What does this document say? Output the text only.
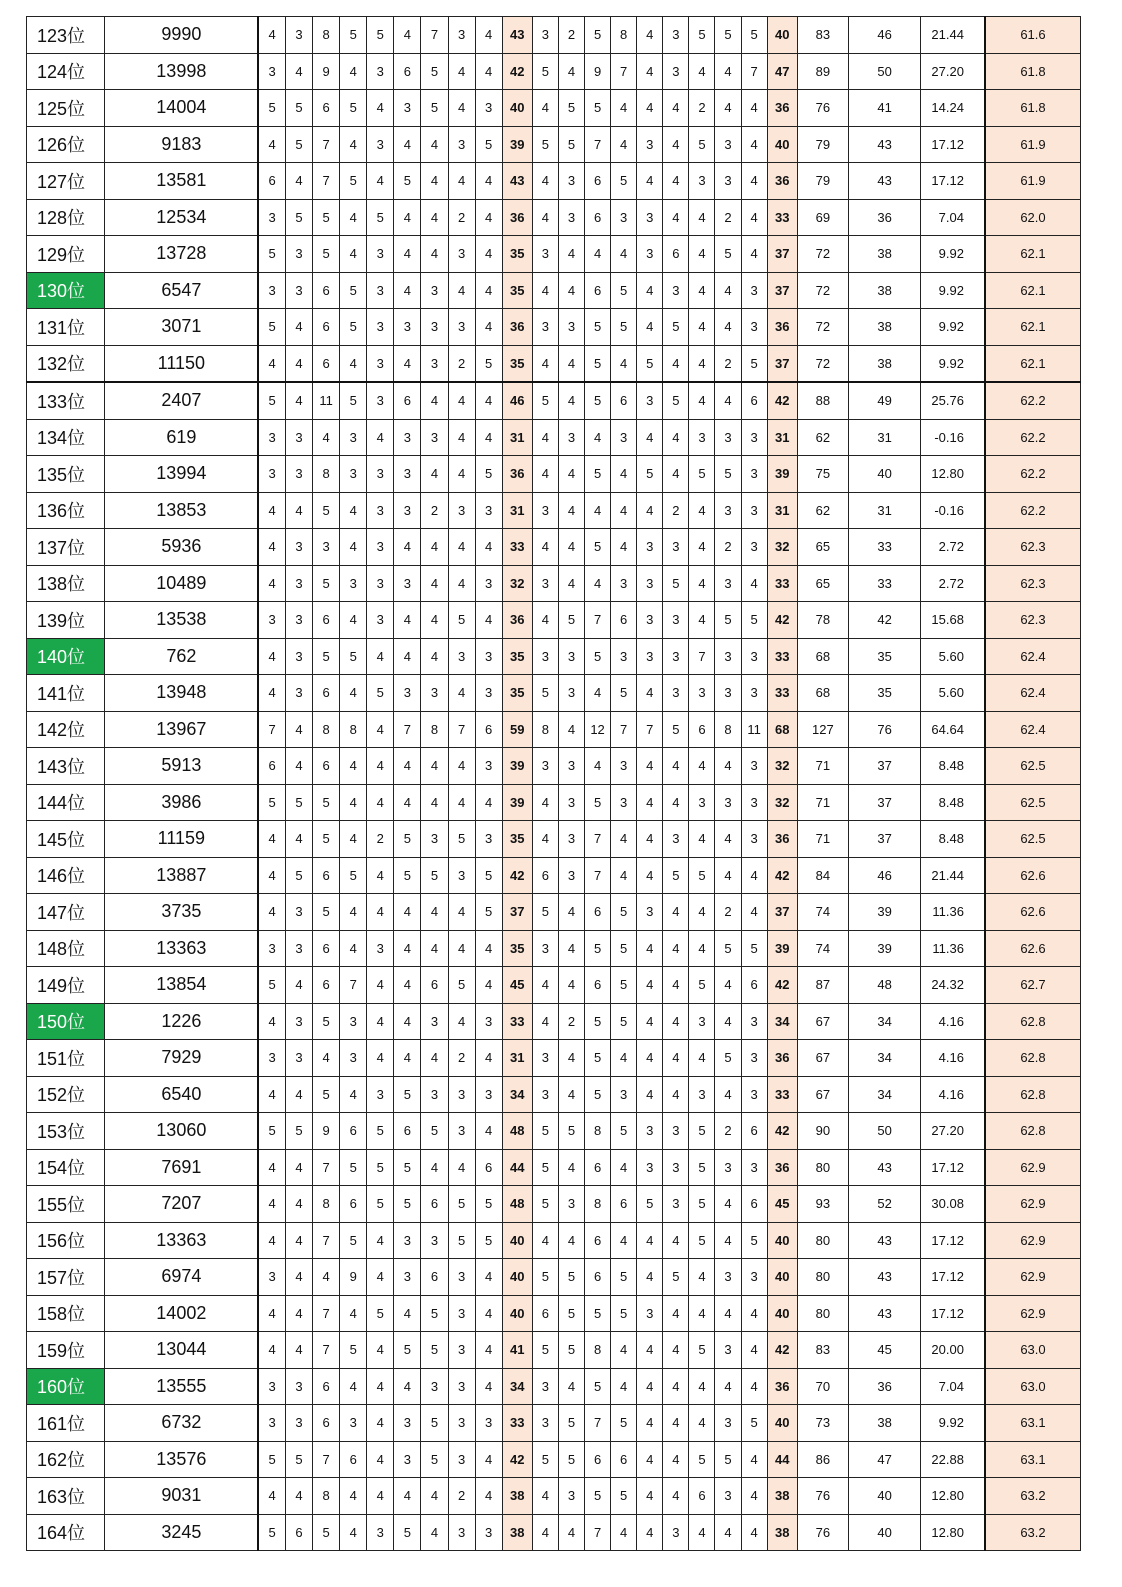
123位	9990	4	3	8	5	5	4	7	3	4	43	3	2	5	8	4	3	5	5	5	40	83	46	21.44	61.6
124位	13998	3	4	9	4	3	6	5	4	4	42	5	4	9	7	4	3	4	4	7	47	89	50	27.20	61.8
125位	14004	5	5	6	5	4	3	5	4	3	40	4	5	5	4	4	4	2	4	4	36	76	41	14.24	61.8
126位	9183	4	5	7	4	3	4	4	3	5	39	5	5	7	4	3	4	5	3	4	40	79	43	17.12	61.9
127位	13581	6	4	7	5	4	5	4	4	4	43	4	3	6	5	4	4	3	3	4	36	79	43	17.12	61.9
128位	12534	3	5	5	4	5	4	4	2	4	36	4	3	6	3	3	4	4	2	4	33	69	36	7.04	62.0
129位	13728	5	3	5	4	3	4	4	3	4	35	3	4	4	4	3	6	4	5	4	37	72	38	9.92	62.1
130位	6547	3	3	6	5	3	4	3	4	4	35	4	4	6	5	4	3	4	4	3	37	72	38	9.92	62.1
131位	3071	5	4	6	5	3	3	3	3	4	36	3	3	5	5	4	5	4	4	3	36	72	38	9.92	62.1
132位	11150	4	4	6	4	3	4	3	2	5	35	4	4	5	4	5	4	4	2	5	37	72	38	9.92	62.1
133位	2407	5	4	11	5	3	6	4	4	4	46	5	4	5	6	3	5	4	4	6	42	88	49	25.76	62.2
134位	619	3	3	4	3	4	3	3	4	4	31	4	3	4	3	4	4	3	3	3	31	62	31	-0.16	62.2
135位	13994	3	3	8	3	3	3	4	4	5	36	4	4	5	4	5	4	5	5	3	39	75	40	12.80	62.2
136位	13853	4	4	5	4	3	3	2	3	3	31	3	4	4	4	4	2	4	3	3	31	62	31	-0.16	62.2
137位	5936	4	3	3	4	3	4	4	4	4	33	4	4	5	4	3	3	4	2	3	32	65	33	2.72	62.3
138位	10489	4	3	5	3	3	3	4	4	3	32	3	4	4	3	3	5	4	3	4	33	65	33	2.72	62.3
139位	13538	3	3	6	4	3	4	4	5	4	36	4	5	7	6	3	3	4	5	5	42	78	42	15.68	62.3
140位	762	4	3	5	5	4	4	4	3	3	35	3	3	5	3	3	3	7	3	3	33	68	35	5.60	62.4
141位	13948	4	3	6	4	5	3	3	4	3	35	5	3	4	5	4	3	3	3	3	33	68	35	5.60	62.4
142位	13967	7	4	8	8	4	7	8	7	6	59	8	4	12	7	7	5	6	8	11	68	127	76	64.64	62.4
143位	5913	6	4	6	4	4	4	4	4	3	39	3	3	4	3	4	4	4	4	3	32	71	37	8.48	62.5
144位	3986	5	5	5	4	4	4	4	4	4	39	4	3	5	3	4	4	3	3	3	32	71	37	8.48	62.5
145位	11159	4	4	5	4	2	5	3	5	3	35	4	3	7	4	4	3	4	4	3	36	71	37	8.48	62.5
146位	13887	4	5	6	5	4	5	5	3	5	42	6	3	7	4	4	5	5	4	4	42	84	46	21.44	62.6
147位	3735	4	3	5	4	4	4	4	4	5	37	5	4	6	5	3	4	4	2	4	37	74	39	11.36	62.6
148位	13363	3	3	6	4	3	4	4	4	4	35	3	4	5	5	4	4	4	5	5	39	74	39	11.36	62.6
149位	13854	5	4	6	7	4	4	6	5	4	45	4	4	6	5	4	4	5	4	6	42	87	48	24.32	62.7
150位	1226	4	3	5	3	4	4	3	4	3	33	4	2	5	5	4	4	3	4	3	34	67	34	4.16	62.8
151位	7929	3	3	4	3	4	4	4	2	4	31	3	4	5	4	4	4	4	5	3	36	67	34	4.16	62.8
152位	6540	4	4	5	4	3	5	3	3	3	34	3	4	5	3	4	4	3	4	3	33	67	34	4.16	62.8
153位	13060	5	5	9	6	5	6	5	3	4	48	5	5	8	5	3	3	5	2	6	42	90	50	27.20	62.8
154位	7691	4	4	7	5	5	5	4	4	6	44	5	4	6	4	3	3	5	3	3	36	80	43	17.12	62.9
155位	7207	4	4	8	6	5	5	6	5	5	48	5	3	8	6	5	3	5	4	6	45	93	52	30.08	62.9
156位	13363	4	4	7	5	4	3	3	5	5	40	4	4	6	4	4	4	5	4	5	40	80	43	17.12	62.9
157位	6974	3	4	4	9	4	3	6	3	4	40	5	5	6	5	4	5	4	3	3	40	80	43	17.12	62.9
158位	14002	4	4	7	4	5	4	5	3	4	40	6	5	5	5	3	4	4	4	4	40	80	43	17.12	62.9
159位	13044	4	4	7	5	4	5	5	3	4	41	5	5	8	4	4	4	5	3	4	42	83	45	20.00	63.0
160位	13555	3	3	6	4	4	4	3	3	4	34	3	4	5	4	4	4	4	4	4	36	70	36	7.04	63.0
161位	6732	3	3	6	3	4	3	5	3	3	33	3	5	7	5	4	4	4	3	5	40	73	38	9.92	63.1
162位	13576	5	5	7	6	4	3	5	3	4	42	5	5	6	6	4	4	5	5	4	44	86	47	22.88	63.1
163位	9031	4	4	8	4	4	4	4	2	4	38	4	3	5	5	4	4	6	3	4	38	76	40	12.80	63.2
164位	3245	5	6	5	4	3	5	4	3	3	38	4	4	7	4	4	3	4	4	4	38	76	40	12.80	63.2
